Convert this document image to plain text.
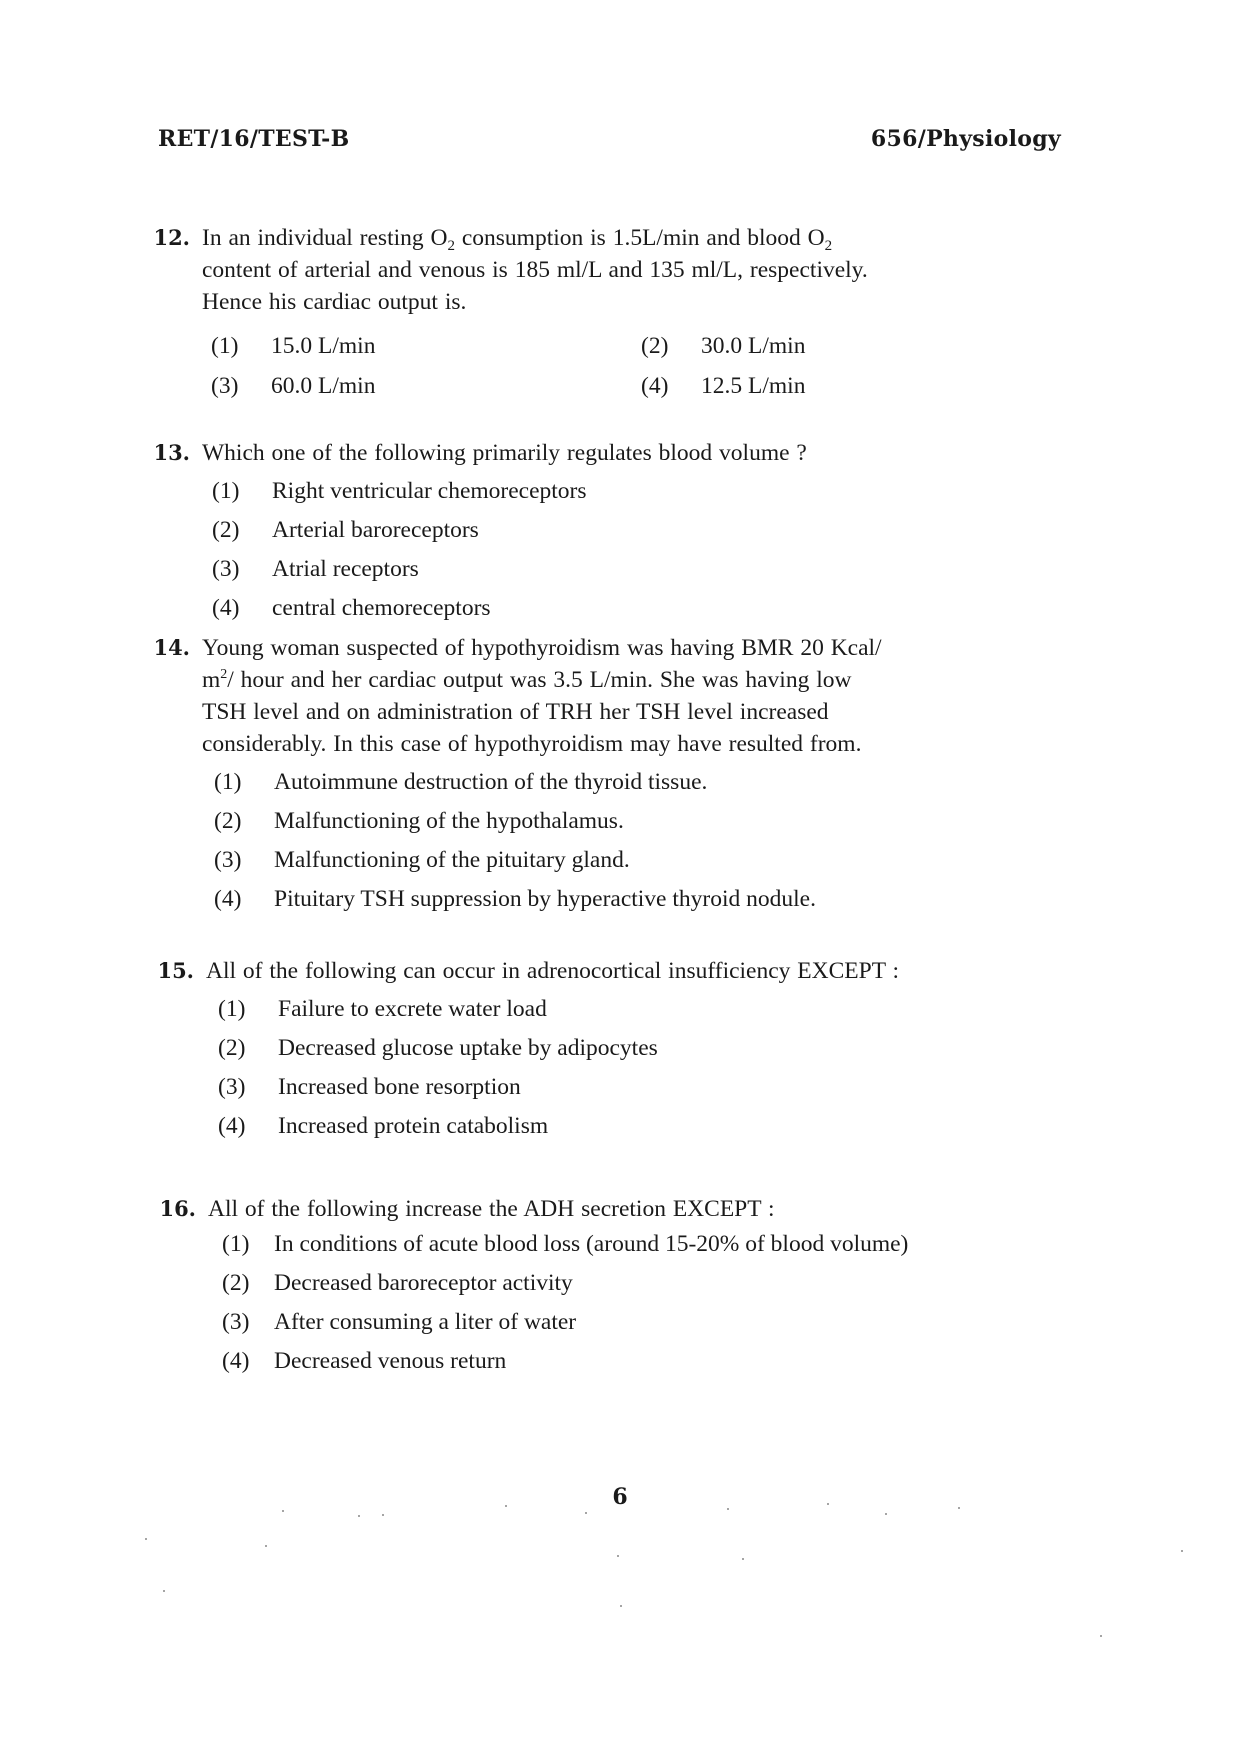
RET/16/TEST-B	656/Physiology
12. In an individual resting $O_2$ consumption is 1.5L/min and blood $O_2$
content of arterial and venous is 185 ml/L and 135 ml/L, respectively.
Hence his cardiac output is.
(1)	15.0 L/min	(2)	30.0 L/min
(3)	60.0 L/min	(4)	12.5 L/min
13. Which one of the following primarily regulates blood volume ?
(1)	Right ventricular chemoreceptors
(2)	Arterial baroreceptors
(3)	Atrial receptors
(4)	central chemoreceptors
14. Young woman suspected of hypothyroidism was having BMR 20 Kcal/
$m^2/$ hour and her cardiac output was 3.5 L/min. She was having low
TSH level and on administration of TRH her TSH level increased
considerably. In this case of hypothyroidism may have resulted from.
(1)	Autoimmune destruction of the thyroid tissue.
(2)	Malfunctioning of the hypothalamus.
(3)	Malfunctioning of the pituitary gland.
(4)	Pituitary TSH suppression by hyperactive thyroid nodule.
15. All of the following can occur in adrenocortical insufficiency EXCEPT :
(1)	Failure to excrete water load
(2)	Decreased glucose uptake by adipocytes
(3)	Increased bone resorption
(4)	Increased protein catabolism
16. All of the following increase the ADH secretion EXCEPT :
(1)	In conditions of acute blood loss (around 15-20% of blood volume)
(2)	Decreased baroreceptor activity
(3)	After consuming a liter of water
(4)	Decreased venous return
6
